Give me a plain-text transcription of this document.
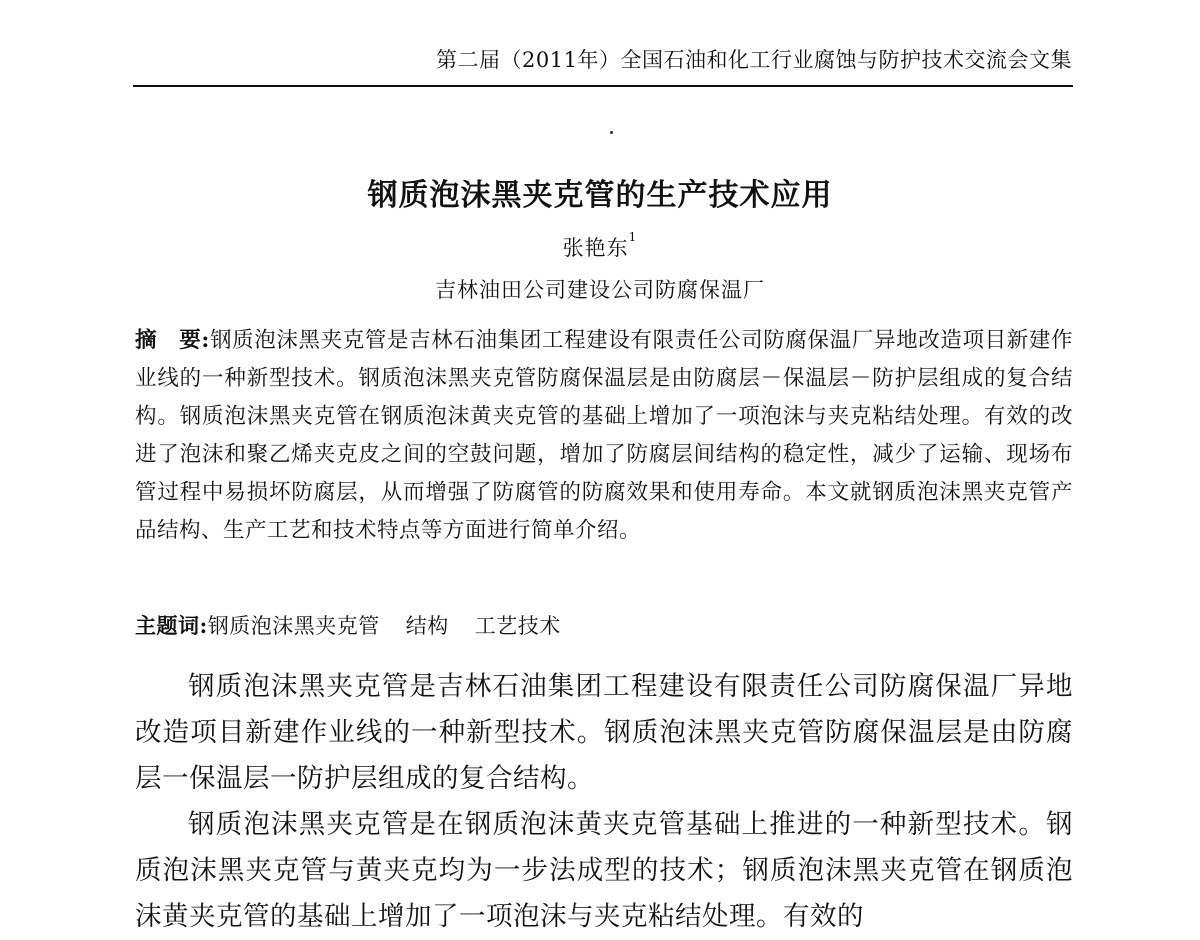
第二届（2011年）全国石油和化工行业腐蚀与防护技术交流会文集
钢质泡沫黑夹克管的生产技术应用
张艳东$^1$
吉林油田公司建设公司防腐保温厂

摘　要:钢质泡沫黑夹克管是吉林石油集团工程建设有限责任公司防腐保温厂异地改造项目新建作业线的一种新型技术。钢质泡沫黑夹克管防腐保温层是由防腐层－保温层－防护层组成的复合结构。钢质泡沫黑夹克管在钢质泡沫黄夹克管的基础上增加了一项泡沫与夹克粘结处理。有效的改进了泡沫和聚乙烯夹克皮之间的空鼓问题，增加了防腐层间结构的稳定性，减少了运输、现场布管过程中易损坏防腐层，从而增强了防腐管的防腐效果和使用寿命。本文就钢质泡沫黑夹克管产品结构、生产工艺和技术特点等方面进行简单介绍。

主题词:钢质泡沫黑夹克管 结构 工艺技术

钢质泡沫黑夹克管是吉林石油集团工程建设有限责任公司防腐保温厂异地改造项目新建作业线的一种新型技术。钢质泡沫黑夹克管防腐保温层是由防腐层一保温层一防护层组成的复合结构。

钢质泡沫黑夹克管是在钢质泡沫黄夹克管基础上推进的一种新型技术。钢质泡沫黑夹克管与黄夹克均为一步法成型的技术；钢质泡沫黑夹克管在钢质泡沫黄夹克管的基础上增加了一项泡沫与夹克粘结处理。有效的
